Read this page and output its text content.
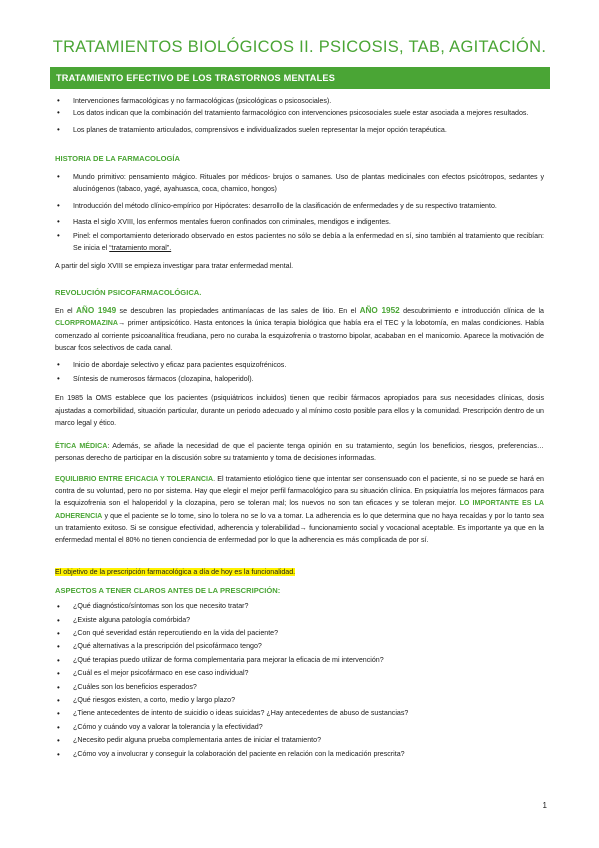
TRATAMIENTOS BIOLÓGICOS II. PSICOSIS, TAB, AGITACIÓN.
TRATAMIENTO EFECTIVO DE LOS TRASTORNOS MENTALES
• Intervenciones farmacológicas y no farmacológicas (psicológicas o psicosociales).
• Los datos indican que la combinación del tratamiento farmacológico con intervenciones psicosociales suele estar asociada a mejores resultados.
• Los planes de tratamiento articulados, comprensivos e individualizados suelen representar la mejor opción terapéutica.

HISTORIA DE LA FARMACOLOGÍA

• Mundo primitivo: pensamiento mágico. Rituales por médicos- brujos o samanes. Uso de plantas medicinales con efectos psicótropos, sedantes y alucinógenos (tabaco, yagé, ayahuasca, coca, chamico, hongos)
• Introducción del método clínico-empírico por Hipócrates: desarrollo de la clasificación de enfermedades y de su respectivo tratamiento.
• Hasta el siglo XVIII, los enfermos mentales fueron confinados con criminales, mendigos e indigentes.
• Pinel: el comportamiento deteriorado observado en estos pacientes no sólo se debía a la enfermedad en sí, sino también al tratamiento que recibían: Se inicia el “tratamiento moral”.

A partir del siglo XVIII se empieza investigar para tratar enfermedad mental.

REVOLUCIÓN PSICOFARMACOLÓGICA.

En el AÑO 1949 se descubren las propiedades antimaníacas de las sales de litio. En el AÑO 1952 descubrimiento e introducción clínica de la CLORPROMAZINA→ primer antipsicótico. Hasta entonces la única terapia biológica que había era el TEC y la lobotomía, en malas condiciones. Había comenzado al corriente psicoanalítica freudiana, pero no curaba la esquizofrenia o trastorno bipolar, acababan en el manicomio. Aparece la motivación de buscar fcos selectivos de cada canal.

• Inicio de abordaje selectivo y eficaz para pacientes esquizofrénicos.
• Síntesis de numerosos fármacos (clozapina, haloperidol).

En 1985 la OMS establece que los pacientes (psiquiátricos incluidos) tienen que recibir fármacos apropiados para sus necesidades clínicas, dosis ajustadas a comorbilidad, situación particular, durante un periodo adecuado y al mínimo costo posible para ellos y la comunidad. Prescripción dentro de un marco legal y ético.

ÉTICA MÉDICA: Además, se añade la necesidad de que el paciente tenga opinión en su tratamiento, según los beneficios, riesgos, preferencias… personas derecho de participar en la discusión sobre su tratamiento y toma de decisiones informadas.

EQUILIBRIO ENTRE EFICACIA Y TOLERANCIA. El tratamiento etiológico tiene que intentar ser consensuado con el paciente, si no se puede se hará en contra de su voluntad, pero no por sistema. Hay que elegir el mejor perfil farmacológico para su situación clínica. En psiquiatría los mejores fármacos para la esquizofrenia son el haloperidol y la clozapina, pero se toleran mal; los nuevos no son tan eficaces y se toleran mejor. LO IMPORTANTE ES LA ADHERENCIA y que el paciente se lo tome, sino lo tolera no se lo va a tomar. La adherencia es lo que determina que no haya recaídas y por lo tanto sea un tratamiento exitoso. Si se consigue efectividad, adherencia y tolerabilidad→ funcionamiento social y vocacional aceptable. Es importante ya que en la enfermedad mental el 80% no tienen conciencia de enfermedad por lo que la adherencia es más complicada de por sí.

El objetivo de la prescripción farmacológica a día de hoy es la funcionalidad.

ASPECTOS A TENER CLAROS ANTES DE LA PRESCRIPCIÓN:

• ¿Qué diagnóstico/síntomas son los que necesito tratar?
• ¿Existe alguna patología comórbida?
• ¿Con qué severidad están repercutiendo en la vida del paciente?
• ¿Qué alternativas a la prescripción del psicofármaco tengo?
• ¿Qué terapias puedo utilizar de forma complementaria para mejorar la eficacia de mi intervención?
• ¿Cuál es el mejor psicofármaco en ese caso individual?
• ¿Cuáles son los beneficios esperados?
• ¿Qué riesgos existen, a corto, medio y largo plazo?
• ¿Tiene antecedentes de intento de suicidio o ideas suicidas? ¿Hay antecedentes de abuso de sustancias?
• ¿Cómo y cuándo voy a valorar la tolerancia y la efectividad?
• ¿Necesito pedir alguna prueba complementaria antes de iniciar el tratamiento?
• ¿Cómo voy a involucrar y conseguir la colaboración del paciente en relación con la medicación prescrita?
1
